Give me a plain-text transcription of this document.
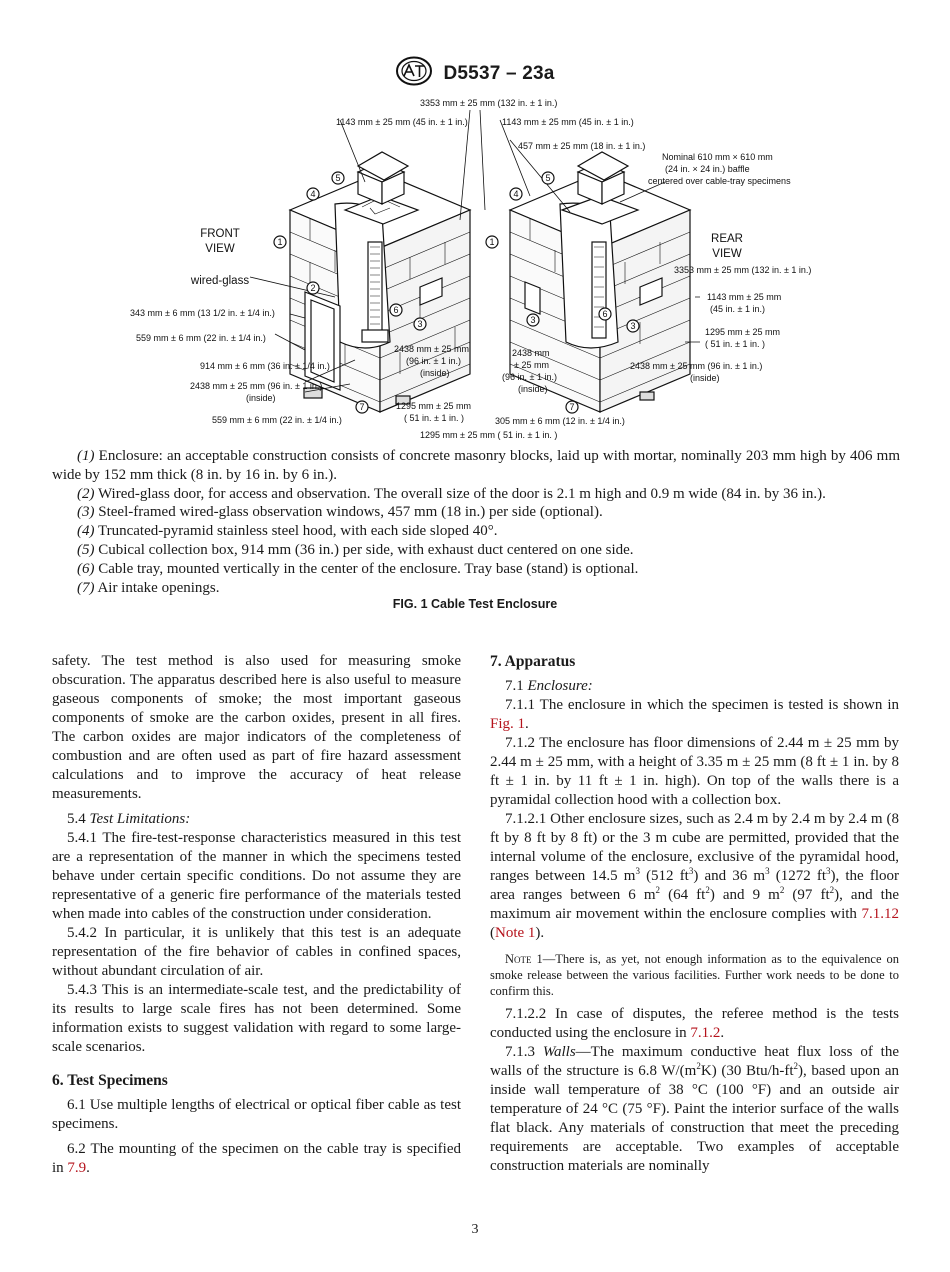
D5537 – 23a
1
2
3
4
5
6
7
1
3
3
4
5
6
7
FRONT
VIEW
REAR
VIEW
wired-glass
3353 mm ± 25 mm (132 in. ± 1 in.)
1143 mm ± 25 mm (45 in. ± 1 in.)	1143 mm ± 25 mm (45 in. ± 1 in.)
457 mm ± 25 mm (18 in. ± 1 in.)
Nominal 610 mm × 610 mm
(24 in. × 24 in.) baffle
centered over cable-tray specimens
3353 mm ± 25 mm (132 in. ± 1 in.)
1143 mm ± 25 mm
(45 in. ± 1 in.)
1295 mm ± 25 mm
( 51 in. ± 1 in. )
2438 mm ± 25 mm (96 in. ± 1 in.)
(inside)
343 mm ± 6 mm (13 1/2 in. ± 1/4 in.)
559 mm ± 6 mm (22 in. ± 1/4 in.)
914 mm ± 6 mm (36 in. ± 1/4 in.)
2438 mm ± 25 mm (96 in. ± 1 in.)
(inside)
559 mm ± 6 mm (22 in. ± 1/4 in.)
2438 mm ± 25 mm
(96 in. ± 1 in.)
(inside)
2438 mm
± 25 mm
(96 in. ± 1 in.)
(inside)
1295 mm ± 25 mm
( 51 in. ± 1 in. )	305 mm ± 6 mm (12 in. ± 1/4 in.)
1295 mm ± 25 mm ( 51 in. ± 1 in. )

(1) Enclosure: an acceptable construction consists of concrete masonry blocks, laid up with mortar, nominally 203 mm high by 406 mm wide by 152 mm thick (8 in. by 16 in. by 6 in.).

(2) Wired-glass door, for access and observation. The overall size of the door is 2.1 m high and 0.9 m wide (84 in. by 36 in.).

(3) Steel-framed wired-glass observation windows, 457 mm (18 in.) per side (optional).

(4) Truncated-pyramid stainless steel hood, with each side sloped 40°.

(5) Cubical collection box, 914 mm (36 in.) per side, with exhaust duct centered on one side.

(6) Cable tray, mounted vertically in the center of the enclosure. Tray base (stand) is optional.

(7) Air intake openings.

FIG. 1 Cable Test Enclosure

safety. The test method is also used for measuring smoke obscuration. The apparatus described here is also useful to measure gaseous components of smoke; the most important gaseous components of smoke are the carbon oxides, present in all fires. The carbon oxides are major indicators of the completeness of combustion and are often used as part of fire hazard assessment calculations and to improve the accuracy of heat release measurements.

5.4 Test Limitations:

5.4.1 The fire-test-response characteristics measured in this test are a representation of the manner in which the specimens tested behave under certain specific conditions. Do not assume they are representative of a generic fire performance of the materials tested when made into cables of the construction under consideration.

5.4.2 In particular, it is unlikely that this test is an adequate representation of the fire behavior of cables in confined spaces, without abundant circulation of air.

5.4.3 This is an intermediate-scale test, and the predictability of its results to large scale fires has not been determined. Some information exists to suggest validation with regard to some large-scale scenarios.

6. Test Specimens

6.1 Use multiple lengths of electrical or optical fiber cable as test specimens.

6.2 The mounting of the specimen on the cable tray is specified in 7.9.

7. Apparatus

7.1 Enclosure:

7.1.1 The enclosure in which the specimen is tested is shown in Fig. 1.

7.1.2 The enclosure has floor dimensions of 2.44 m ± 25 mm by 2.44 m ± 25 mm, with a height of 3.35 m ± 25 mm (8 ft ± 1 in. by 8 ft ± 1 in. by 11 ft ± 1 in. high). On top of the walls there is a pyramidal collection hood with a collection box.

7.1.2.1 Other enclosure sizes, such as 2.4 m by 2.4 m by 2.4 m (8 ft by 8 ft by 8 ft) or the 3 m cube are permitted, provided that the internal volume of the enclosure, exclusive of the pyramidal hood, ranges between 14.5 $m^3$ (512 $ft^3$) and 36 $m^3$ (1272 $ft^3$), the floor area ranges between 6 $m^2$ (64 $ft^2$) and 9 $m^2$ (97 $ft^2$), and the maximum air movement within the enclosure complies with 7.1.12 (Note 1).

Note 1—There is, as yet, not enough information as to the equivalence on smoke release between the various facilities. Further work needs to be done to confirm this.

7.1.2.2 In case of disputes, the referee method is the tests conducted using the enclosure in 7.1.2.

7.1.3 Walls—The maximum conductive heat flux loss of the walls of the structure is 6.8 $W/(m^2K)$ (30 Btu/$h-ft^2$), based upon an inside wall temperature of 38 °C (100 °F) and an outside air temperature of 24 °C (75 °F). Paint the interior surface of the walls flat black. Any materials of construction that meet the preceding requirements are acceptable. Two examples of acceptable construction materials are nominally

3
